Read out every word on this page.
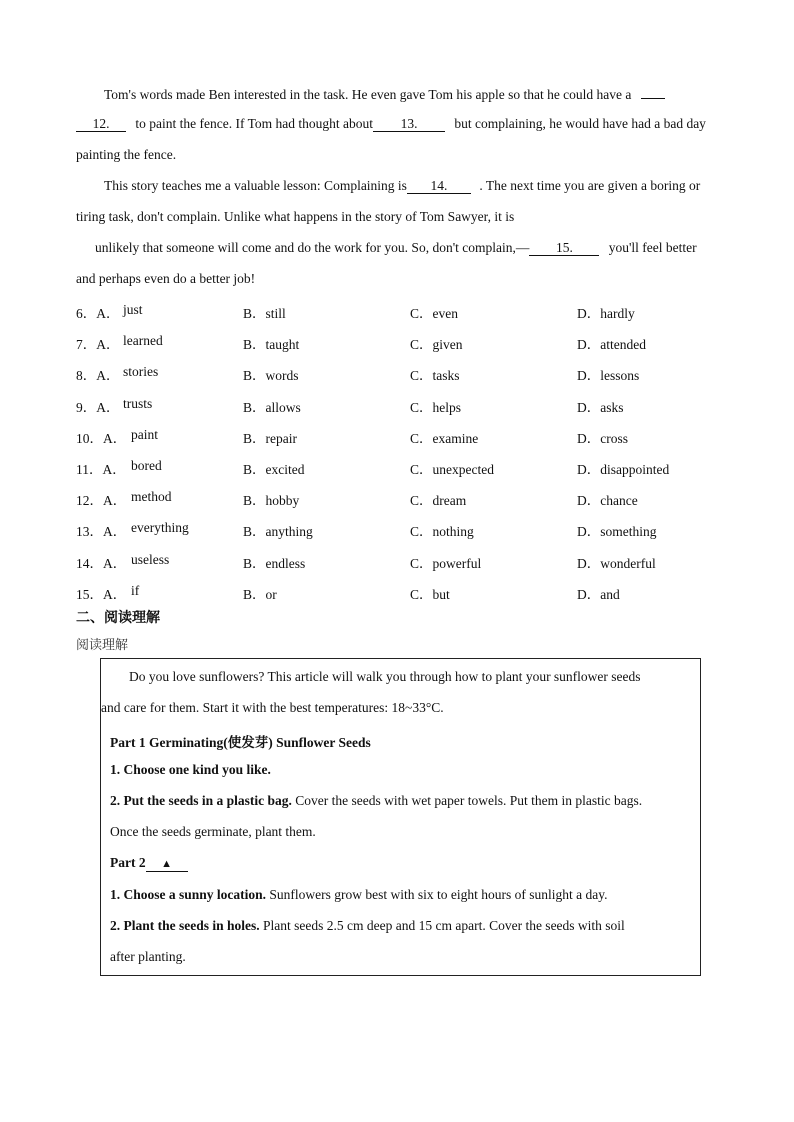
Tom's words made Ben interested in the task. He even gave Tom his apple so that he could have a
12. to paint the fence. If Tom had thought about 13.	but complaining, he would have had a bad day
painting the fence.
This story teaches me a valuable lesson: Complaining is 14. . The next time you are given a boring or
tiring task, don't complain. Unlike what happens in the story of Tom Sawyer, it is
unlikely that someone will come and do the work for you. So, don't complain,— 15.	you'll feel better
and perhaps even do a better job!
6．A． just	B．still	C．even	D．hardly
7．A． learned	B．taught	C．given	D．attended
8．A． stories	B．words	C．tasks	D．lessons
9．A． trusts	B．allows	C．helps	D．asks
10．A． paint	B．repair	C．examine	D．cross
11．A． bored	B．excited	C．unexpected	D．disappointed
12．A． method	B．hobby	C．dream	D．chance
13．A． everything	B．anything	C．nothing	D．something
14．A． useless	B．endless	C．powerful	D．wonderful
15．A． if	B．or	C．but	D．and
二、阅读理解
阅读理解
Do you love sunflowers? This article will walk you through how to plant your sunflower seeds
and care for them. Start it with the best temperatures: 18~33°C.
Part 1 Germinating(使发芽) Sunflower Seeds
1. Choose one kind you like.
2. Put the seeds in a plastic bag. Cover the seeds with wet paper towels. Put them in plastic bags.
Once the seeds germinate, plant them.
Part 2 ▲
1. Choose a sunny location. Sunflowers grow best with six to eight hours of sunlight a day.
2. Plant the seeds in holes. Plant seeds 2.5 cm deep and 15 cm apart. Cover the seeds with soil
after planting.
